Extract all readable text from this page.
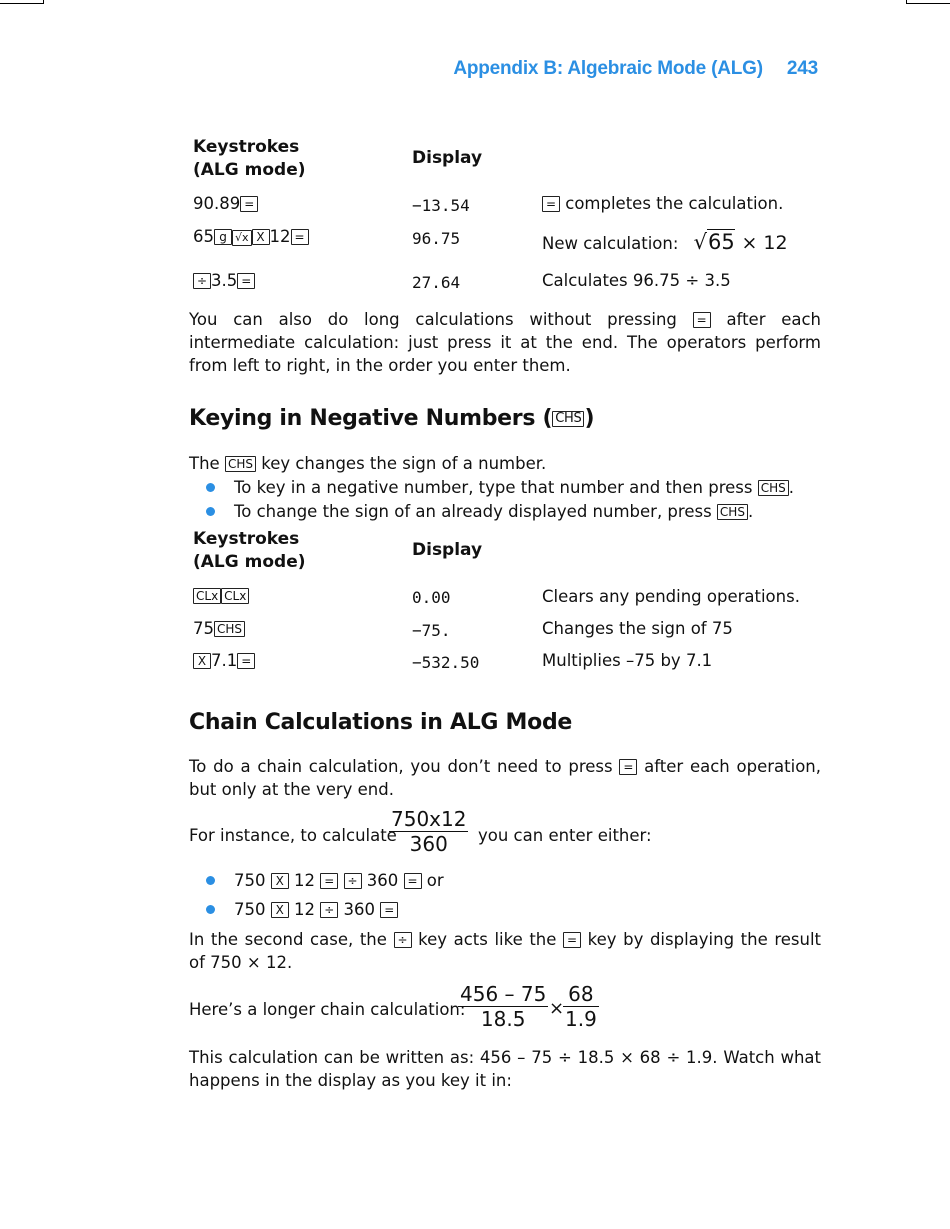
Appendix B: Algebraic Mode (ALG) 243
Keystrokes
(ALG mode)
Display
90.89 =	−13.54	= completes the calculation.
65 g √x X 12 =	96.75	New calculation: √65 × 12
÷ 3.5 =	27.64	Calculates 96.75 ÷ 3.5
You can also do long calculations without pressing = after each intermediate calculation: just press it at the end. The operators perform from left to right, in the order you enter them.
Keying in Negative Numbers ( CHS )
The CHS key changes the sign of a number.
To key in a negative number, type that number and then press CHS .
To change the sign of an already displayed number, press CHS .
Keystrokes
(ALG mode)
Display
CLx CLx	0.00	Clears any pending operations.
75 CHS	−75.	Changes the sign of 75
X 7.1 =	−532.50	Multiplies –75 by 7.1
Chain Calculations in ALG Mode
To do a chain calculation, you don’t need to press = after each operation, but only at the very end.
For instance, to calculate
$\frac{750x12}{360}$ you can enter either:
750 X 12 = ÷ 360 = or
750 X 12 ÷ 360 =
In the second case, the ÷ key acts like the = key by displaying the result of 750 × 12.
Here’s a longer chain calculation:
$\frac{456 - 75}{18.5}$ ×
$\frac{68}{1.9}$
This calculation can be written as: 456 – 75 ÷ 18.5 × 68 ÷ 1.9. Watch what happens in the display as you key it in:
